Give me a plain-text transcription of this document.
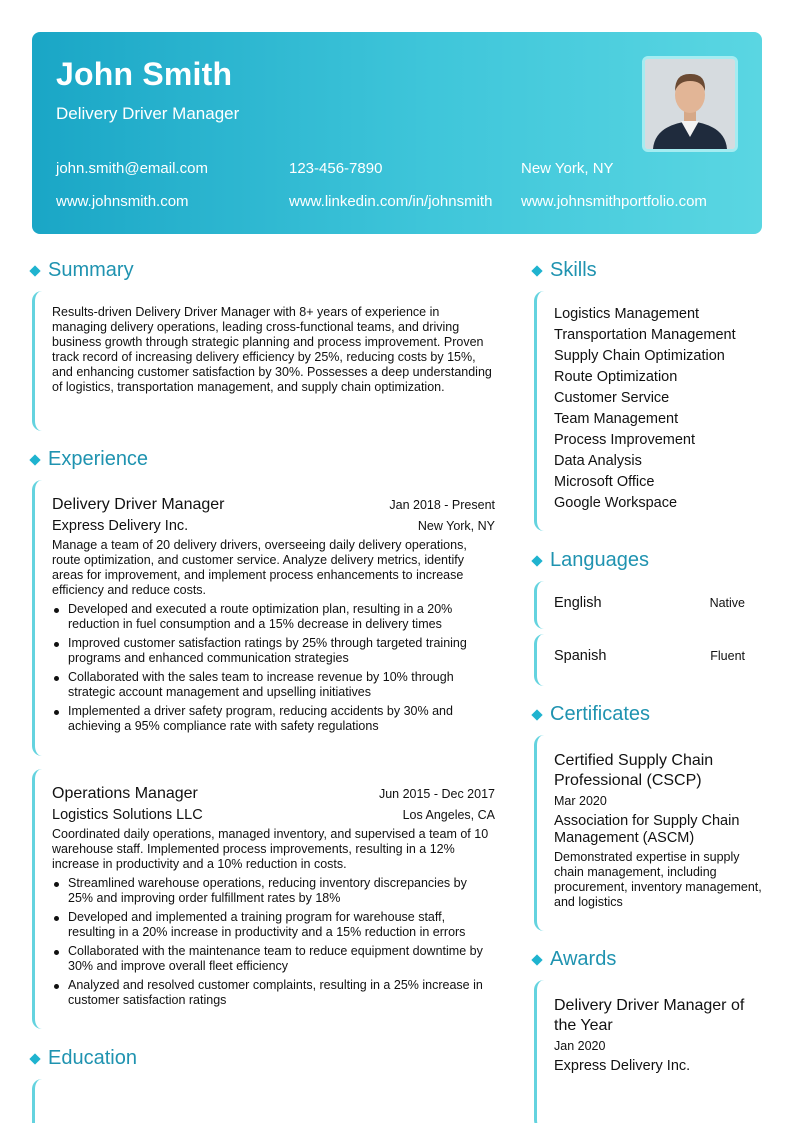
John Smith
Delivery Driver Manager
john.smith@email.com	123-456-7890	New York, NY
www.johnsmith.com	www.linkedin.com/in/johnsmith www.johnsmithportfolio.com
Summary
Results-driven Delivery Driver Manager with 8+ years of experience in managing delivery operations, leading cross-functional teams, and driving business growth through strategic planning and process improvement. Proven track record of increasing delivery efficiency by 25%, reducing costs by 15%, and enhancing customer satisfaction by 30%. Possesses a deep understanding of logistics, transportation management, and supply chain optimization.
Experience
Delivery Driver Manager	Jan 2018 - Present
Express Delivery Inc.	New York, NY
Manage a team of 20 delivery drivers, overseeing daily delivery operations, route optimization, and customer service. Analyze delivery metrics, identify areas for improvement, and implement process enhancements to increase efficiency and reduce costs.
Developed and executed a route optimization plan, resulting in a 20% reduction in fuel consumption and a 15% decrease in delivery times
Improved customer satisfaction ratings by 25% through targeted training programs and enhanced communication strategies
Collaborated with the sales team to increase revenue by 10% through strategic account management and upselling initiatives
Implemented a driver safety program, reducing accidents by 30% and achieving a 95% compliance rate with safety regulations
Operations Manager	Jun 2015 - Dec 2017
Logistics Solutions LLC	Los Angeles, CA
Coordinated daily operations, managed inventory, and supervised a team of 10 warehouse staff. Implemented process improvements, resulting in a 12% increase in productivity and a 10% reduction in costs.
Streamlined warehouse operations, reducing inventory discrepancies by 25% and improving order fulfillment rates by 18%
Developed and implemented a training program for warehouse staff, resulting in a 20% increase in productivity and a 15% reduction in errors
Collaborated with the maintenance team to reduce equipment downtime by 30% and improve overall fleet efficiency
Analyzed and resolved customer complaints, resulting in a 25% increase in customer satisfaction ratings
Education
Skills
Logistics Management
Transportation Management
Supply Chain Optimization
Route Optimization
Customer Service
Team Management
Process Improvement
Data Analysis
Microsoft Office
Google Workspace
Languages
English	Native
Spanish	Fluent
Certificates
Certified Supply Chain Professional (CSCP)
Mar 2020
Association for Supply Chain Management (ASCM)
Demonstrated expertise in supply chain management, including procurement, inventory management, and logistics
Awards
Delivery Driver Manager of the Year
Jan 2020
Express Delivery Inc.
